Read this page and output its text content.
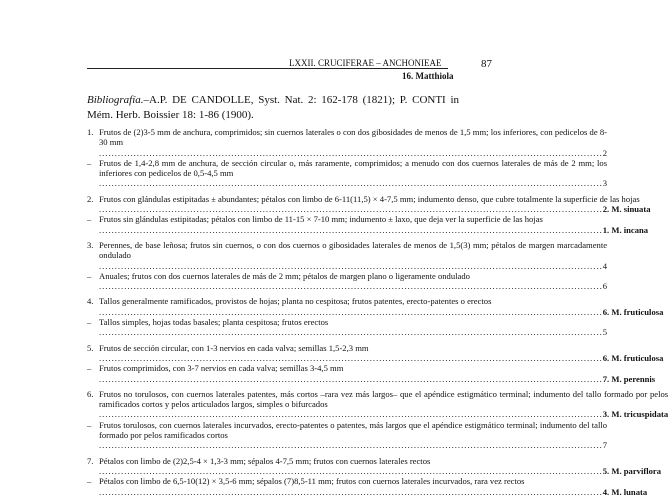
LXXII. CRUCIFERAE – ANCHONIEAE
16. Matthiola
87
Bibliografía.–A.P. DE CANDOLLE, Syst. Nat. 2: 162-178 (1821); P. CONTI in Mém. Herb. Boissier 18: 1-86 (1900).
1. Frutos de (2)3-5 mm de anchura, comprimidos; sin cuernos laterales o con dos gibosidades de menos de 1,5 mm; los inferiores, con pedicelos de 8-30 mm
.....
2
– Frutos de 1,4-2,8 mm de anchura, de sección circular o, más raramente, comprimidos; a menudo con dos cuernos laterales de más de 2 mm; los inferiores con pedicelos de 0,5-4,5 mm
.....
3
2. Frutos con glándulas estipitadas ± abundantes; pétalos con limbo de 6-11(11,5) × 4-7,5 mm; indumento denso, que cubre totalmente la superficie de las hojas
.....
2. M. sinuata
– Frutos sin glándulas estipitadas; pétalos con limbo de 11-15 × 7-10 mm; indumento ± laxo, que deja ver la superficie de las hojas
.....
1. M. incana
3. Perennes, de base leñosa; frutos sin cuernos, o con dos cuernos o gibosidades laterales de menos de 1,5(3) mm; pétalos de margen marcadamente ondulado
.....
4
– Anuales; frutos con dos cuernos laterales de más de 2 mm; pétalos de margen plano o ligeramente ondulado
.....
6
4. Tallos generalmente ramificados, provistos de hojas; planta no cespitosa; frutos patentes, erecto-patentes o erectos
.....
6. M. fruticulosa
– Tallos simples, hojas todas basales; planta cespitosa; frutos erectos
.....
5
5. Frutos de sección circular, con 1-3 nervios en cada valva; semillas 1,5-2,3 mm
.....
6. M. fruticulosa
– Frutos comprimidos, con 3-7 nervios en cada valva; semillas 3-4,5 mm
.....
7. M. perennis
6. Frutos no torulosos, con cuernos laterales patentes, más cortos –rara vez más largos– que el apéndice estigmático terminal; indumento del tallo formado por pelos ramificados cortos y pelos articulados largos, simples o bifurcados
.....
3. M. tricuspidata
– Frutos torulosos, con cuernos laterales incurvados, erecto-patentes o patentes, más largos que el apéndice estigmático terminal; indumento del tallo formado por pelos ramificados cortos
.....
7
7. Pétalos con limbo de (2)2,5-4 × 1,3-3 mm; sépalos 4-7,5 mm; frutos con cuernos laterales rectos
.....
5. M. parviflora
– Pétalos con limbo de 6,5-10(12) × 3,5-6 mm; sépalos (7)8,5-11 mm; frutos con cuernos laterales incurvados, rara vez rectos
.....
4. M. lunata
